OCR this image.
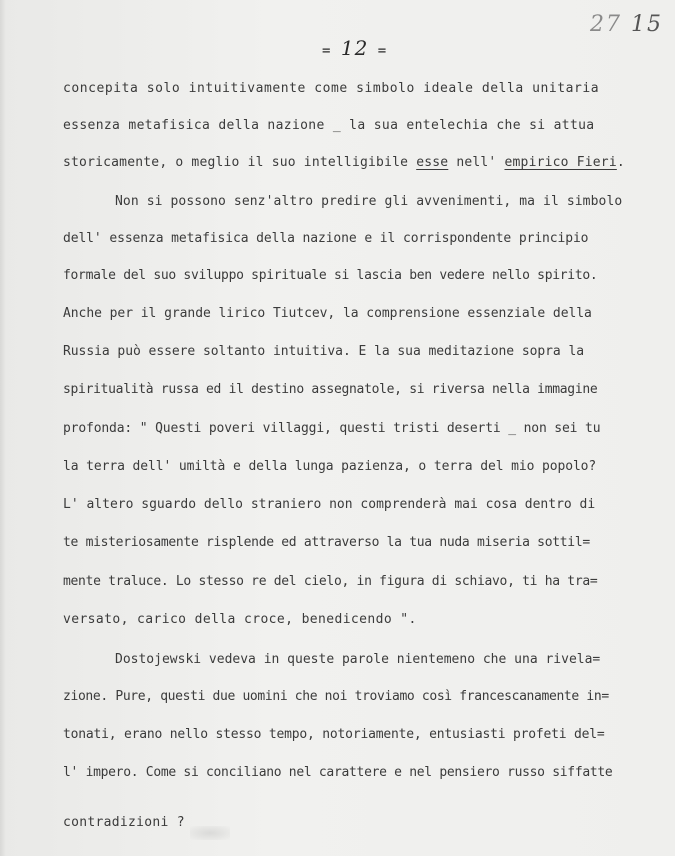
= 12 =
27 15
concepita solo intuitivamente come simbolo ideale della unitaria
essenza metafisica della nazione _ la sua entelechia che si attua
storicamente, o meglio il suo intelligibile esse nell' empirico Fieri.
Non si possono senz'altro predire gli avvenimenti, ma il simbolo
dell' essenza metafisica della nazione e il corrispondente principio
formale del suo sviluppo spirituale si lascia ben vedere nello spirito.
Anche per il grande lirico Tiutcev, la comprensione essenziale della
Russia può essere soltanto intuitiva. E la sua meditazione sopra la
spiritualità russa ed il destino assegnatole, si riversa nella immagine
profonda: " Questi poveri villaggi, questi tristi deserti _ non sei tu
la terra dell' umiltà e della lunga pazienza, o terra del mio popolo?
L' altero sguardo dello straniero non comprenderà mai cosa dentro di
te misteriosamente risplende ed attraverso la tua nuda miseria sottil=
mente traluce. Lo stesso re del cielo, in figura di schiavo, ti ha tra=
versato, carico della croce, benedicendo ".
Dostojewski vedeva in queste parole nientemeno che una rivela=
zione. Pure, questi due uomini che noi troviamo così francescanamente in=
tonati, erano nello stesso tempo, notoriamente, entusiasti profeti del=
l' impero. Come si conciliano nel carattere e nel pensiero russo siffatte
contradizioni ?
